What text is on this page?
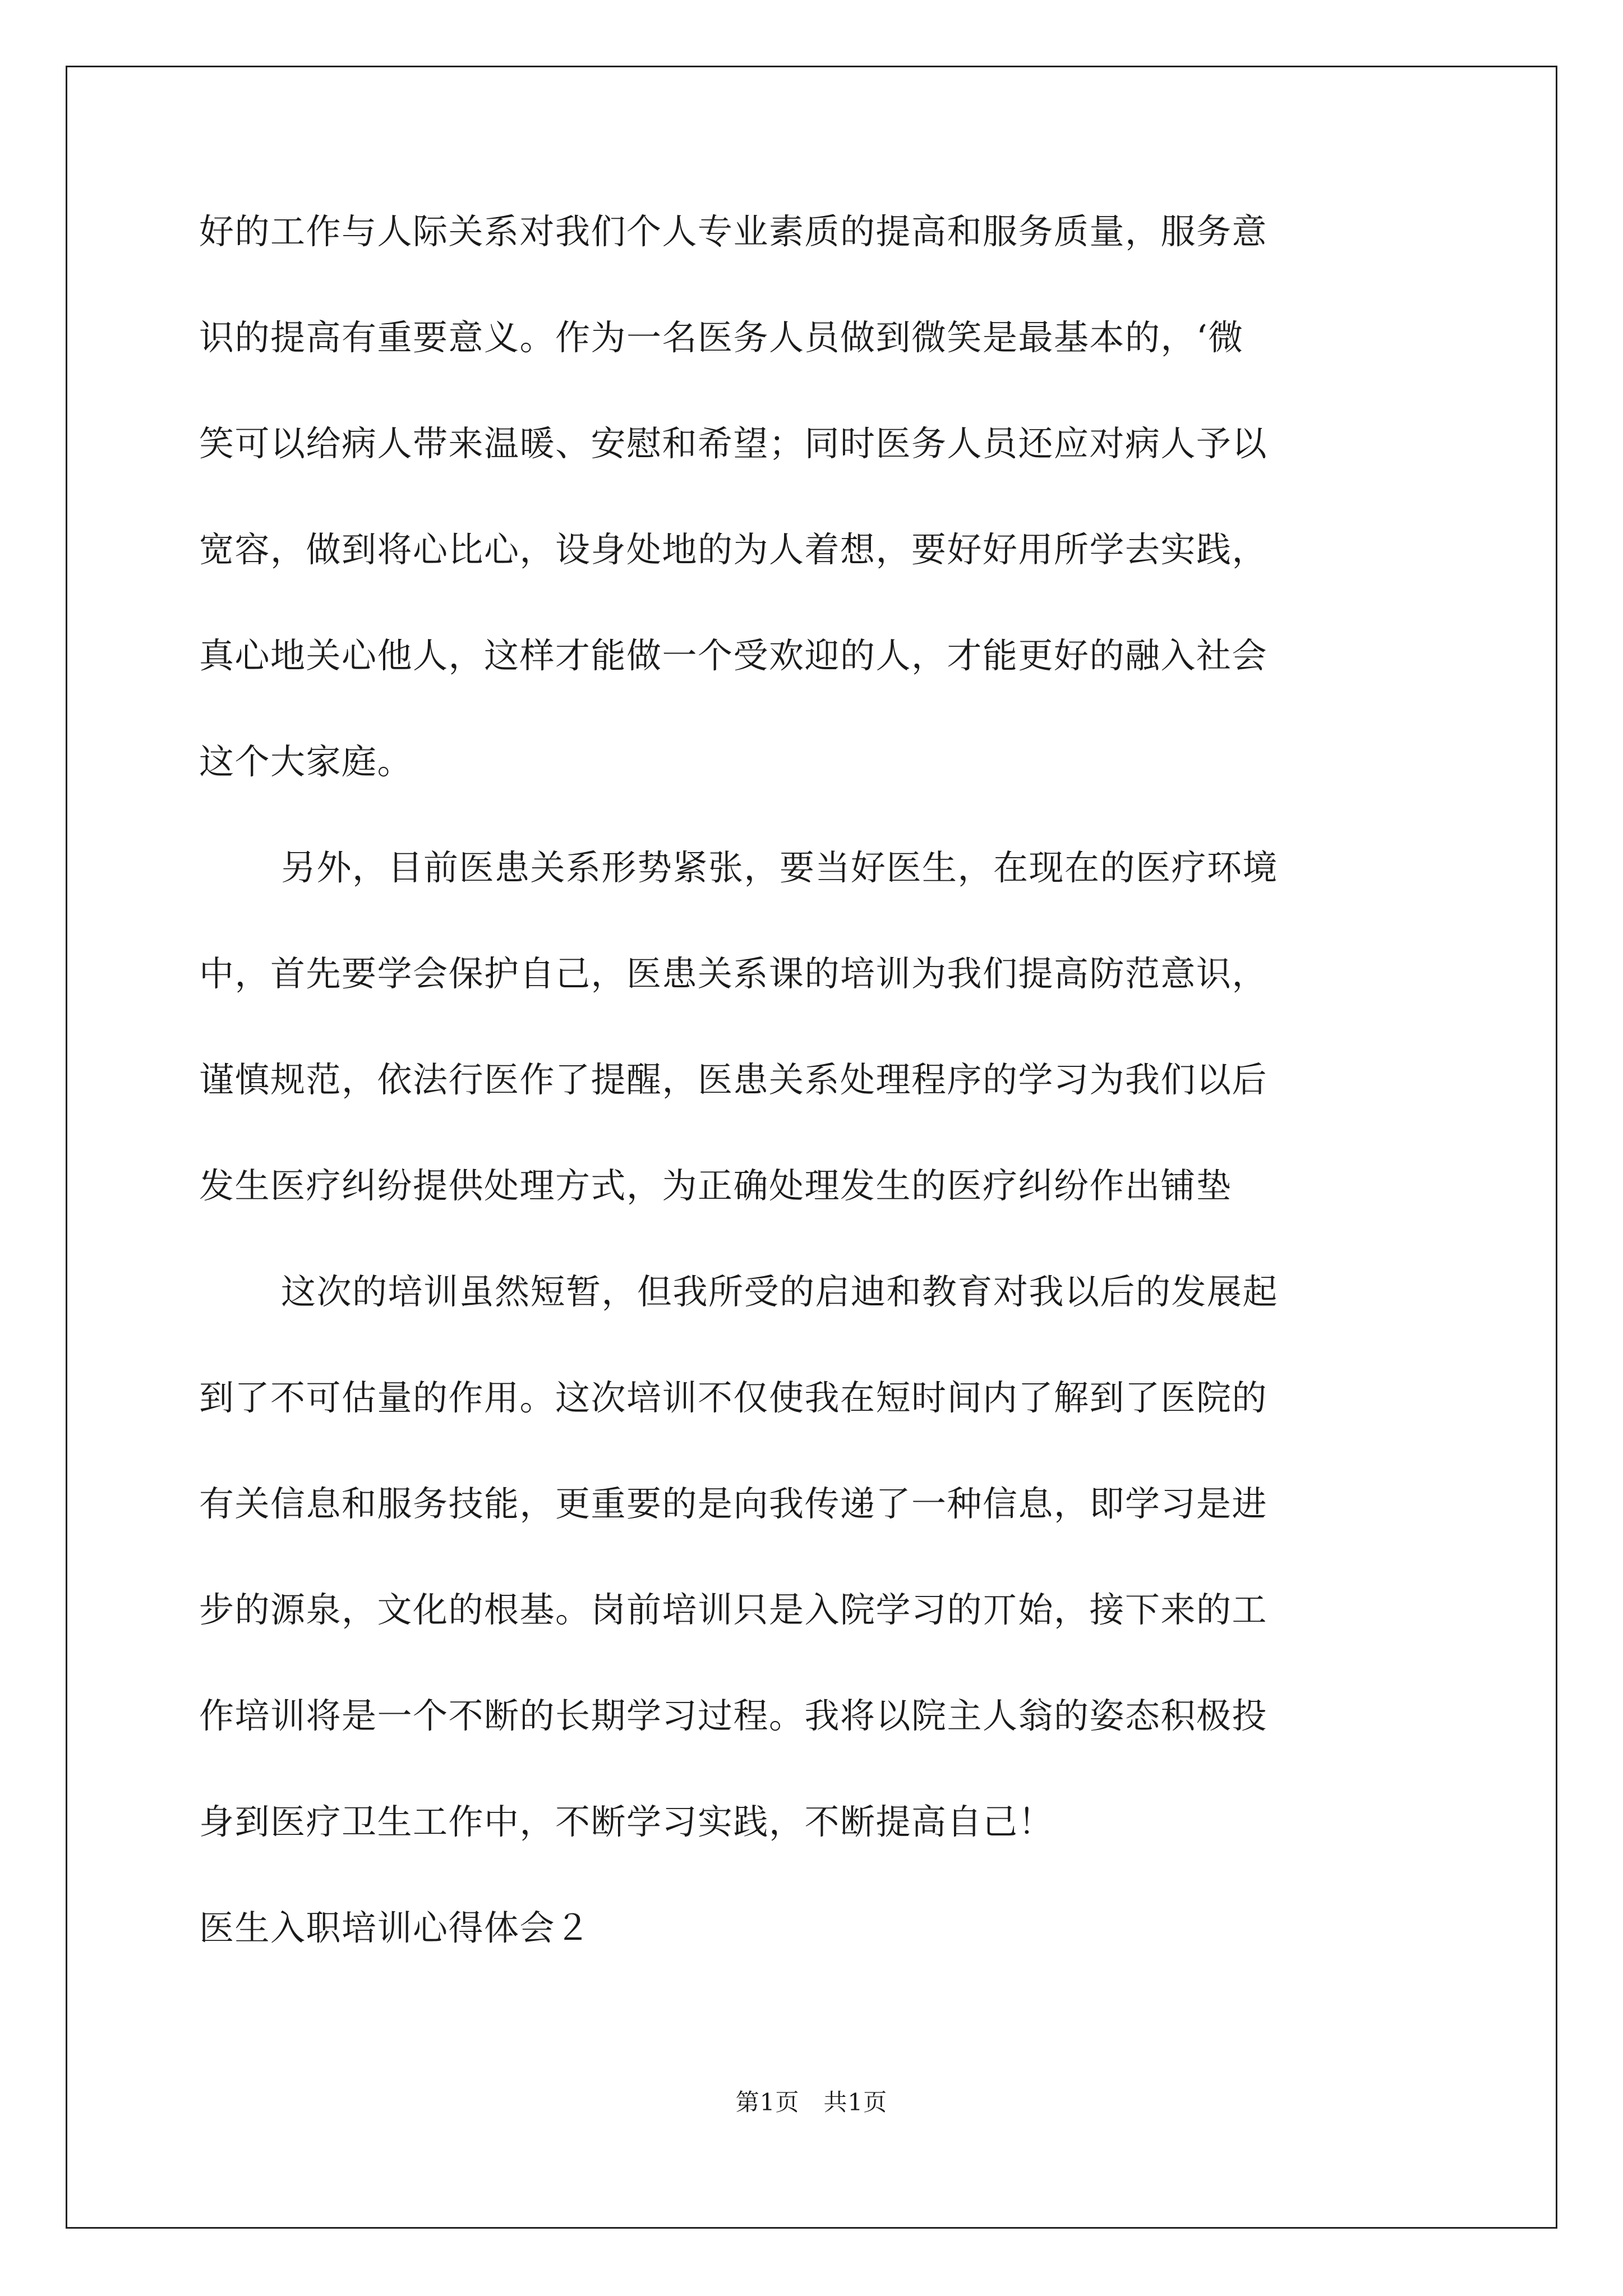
好的工作与人际关系对我们个人专业素质的提高和服务质量，服务意
识的提高有重要意义。作为一名医务人员做到微笑是最基本的，‘微
笑可以给病人带来温暖、安慰和希望；同时医务人员还应对病人予以
宽容，做到将心比心，设身处地的为人着想，要好好用所学去实践，
真心地关心他人，这样才能做一个受欢迎的人，才能更好的融入社会
这个大家庭。
另外，目前医患关系形势紧张，要当好医生，在现在的医疗环境
中，首先要学会保护自己，医患关系课的培训为我们提高防范意识，
谨慎规范，依法行医作了提醒，医患关系处理程序的学习为我们以后
发生医疗纠纷提供处理方式，为正确处理发生的医疗纠纷作出铺垫
这次的培训虽然短暂，但我所受的启迪和教育对我以后的发展起
到了不可估量的作用。这次培训不仅使我在短时间内了解到了医院的
有关信息和服务技能，更重要的是向我传递了一种信息，即学习是进
步的源泉，文化的根基。岗前培训只是入院学习的丌始，接下来的工
作培训将是一个不断的长期学习过程。我将以院主人翁的姿态积极投
身到医疗卫生工作中，不断学习实践，不断提高自己！
医生入职培训心得体会２
第1页　共1页
